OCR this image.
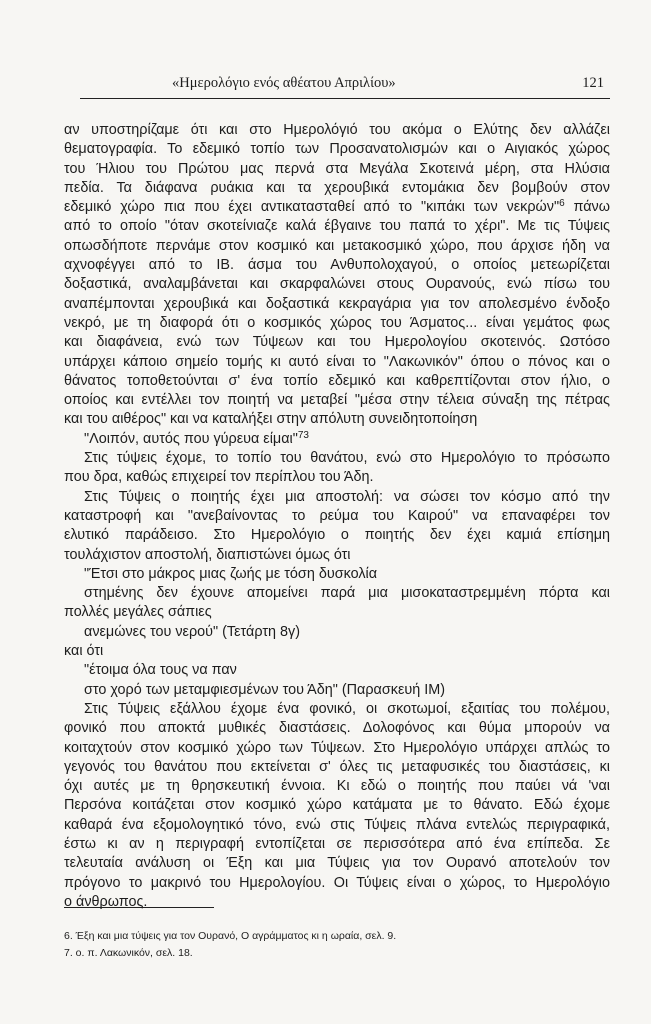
«Ημερολόγιο ενός αθέατου Απριλίου»	121
αν υποστηρίζαμε ότι και στο Ημερολόγιό του ακόμα ο Ελύτης δεν αλλάζει
θεματογραφία. Το εδεμικό τοπίο των Προσανατολισμών και ο Αιγιακός χώρος
του Ήλιου του Πρώτου μας περνά στα Μεγάλα Σκοτεινά μέρη, στα Ηλύσια
πεδία. Τα διάφανα ρυάκια και τα χερουβικά εντομάκια δεν βομβούν στον
εδεμικό χώρο πια που έχει αντικατασταθεί από το "κιπάκι των νεκρών"$^6$ πάνω
από το οποίο "όταν σκοτείνιαζε καλά έβγαινε του παπά το χέρι". Με τις Τύψεις
οπωσδήποτε περνάμε στον κοσμικό και μετακοσμικό χώρο, που άρχισε ήδη να
αχνοφέγγει από το ΙΒ. άσμα του Ανθυπολοχαγού, ο οποίος μετεωρίζεται
δοξαστικά, αναλαμβάνεται και σκαρφαλώνει στους Ουρανούς, ενώ πίσω του
αναπέμπονται χερουβικά και δοξαστικά κεκραγάρια για τον απολεσμένο ένδοξο
νεκρό, με τη διαφορά ότι ο κοσμικός χώρος του Άσματος... είναι γεμάτος φως
και διαφάνεια, ενώ των Τύψεων και του Ημερολογίου σκοτεινός. Ωστόσο
υπάρχει κάποιο σημείο τομής κι αυτό είναι το "Λακωνικόν" όπου ο πόνος και ο
θάνατος τοποθετούνται σ' ένα τοπίο εδεμικό και καθρεπτίζονται στον ήλιο, ο
οποίος και εντέλλει τον ποιητή να μεταβεί "μέσα στην τέλεια σύναξη της πέτρας
και του αιθέρος" και να καταλήξει στην απόλυτη συνειδητοποίηση
"Λοιπόν, αυτός που γύρευα είμαι"$^{73}$
Στις τύψεις έχομε, το τοπίο του θανάτου, ενώ στο Ημερολόγιο το πρόσωπο
που δρα, καθώς επιχειρεί τον περίπλου του Άδη.
Στις Τύψεις ο ποιητής έχει μια αποστολή: να σώσει τον κόσμο από την
καταστροφή και "ανεβαίνοντας το ρεύμα του Καιρού" να επαναφέρει τον
ελυτικό παράδεισο. Στο Ημερολόγιο ο ποιητής δεν έχει καμιά επίσημη
τουλάχιστον αποστολή, διαπιστώνει όμως ότι
"Έτσι στο μάκρος μιας ζωής με τόση δυσκολία
στημένης δεν έχουνε απομείνει παρά μια μισοκαταστρεμμένη πόρτα και
πολλές μεγάλες σάπιες
ανεμώνες του νερού" (Τετάρτη 8γ)
και ότι
"έτοιμα όλα τους να παν
στο χορό των μεταμφιεσμένων του Άδη" (Παρασκευή ΙΜ)
Στις Τύψεις εξάλλου έχομε ένα φονικό, οι σκοτωμοί, εξαιτίας του πολέμου,
φονικό που αποκτά μυθικές διαστάσεις. Δολοφόνος και θύμα μπορούν να
κοιταχτούν στον κοσμικό χώρο των Τύψεων. Στο Ημερολόγιο υπάρχει απλώς το
γεγονός του θανάτου που εκτείνεται σ' όλες τις μεταφυσικές του διαστάσεις, κι
όχι αυτές με τη θρησκευτική έννοια. Κι εδώ ο ποιητής που παύει νά 'ναι
Περσόνα κοιτάζεται στον κοσμικό χώρο κατάματα με το θάνατο. Εδώ έχομε
καθαρά ένα εξομολογητικό τόνο, ενώ στις Τύψεις πλάνα εντελώς περιγραφικά,
έστω κι αν η περιγραφή εντοπίζεται σε περισσότερα από ένα επίπεδα. Σε
τελευταία ανάλυση οι Έξη και μια Τύψεις για τον Ουρανό αποτελούν τον
πρόγονο το μακρινό του Ημερολογίου. Οι Τύψεις είναι ο χώρος, το Ημερολόγιο
ο άνθρωπος.
6. Έξη και μια τύψεις για τον Ουρανό, Ο αγράμματος κι η ωραία, σελ. 9.
7. ο. π. Λακωνικόν, σελ. 18.
